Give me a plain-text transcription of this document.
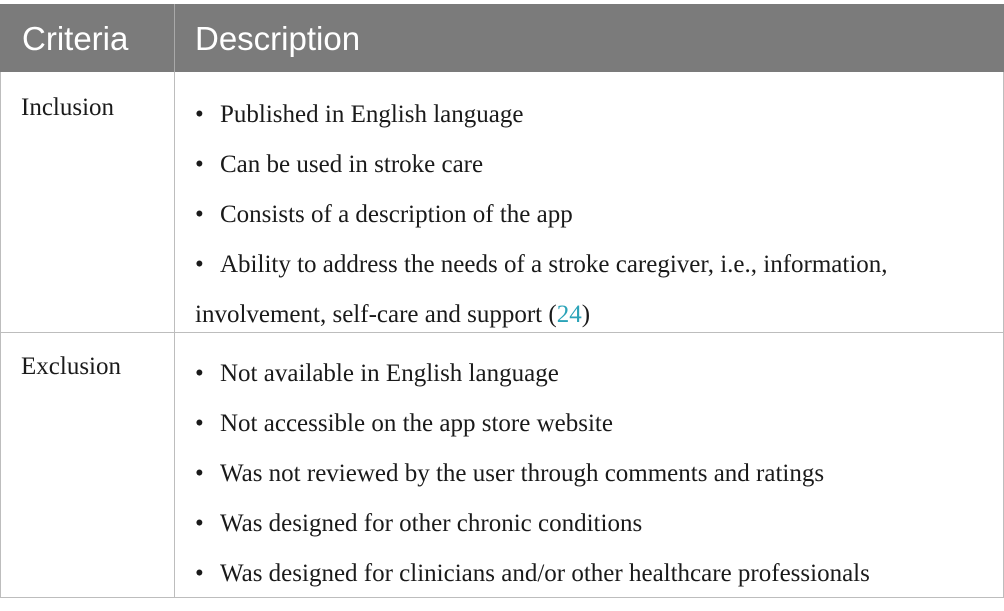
Criteria Description
Inclusion	• Published in English language
• Can be used in stroke care
• Consists of a description of the app
• Ability to address the needs of a stroke caregiver, i.e., information, involvement, self-care and support (24)
Exclusion	• Not available in English language
• Not accessible on the app store website
• Was not reviewed by the user through comments and ratings
• Was designed for other chronic conditions
• Was designed for clinicians and/or other healthcare professionals
